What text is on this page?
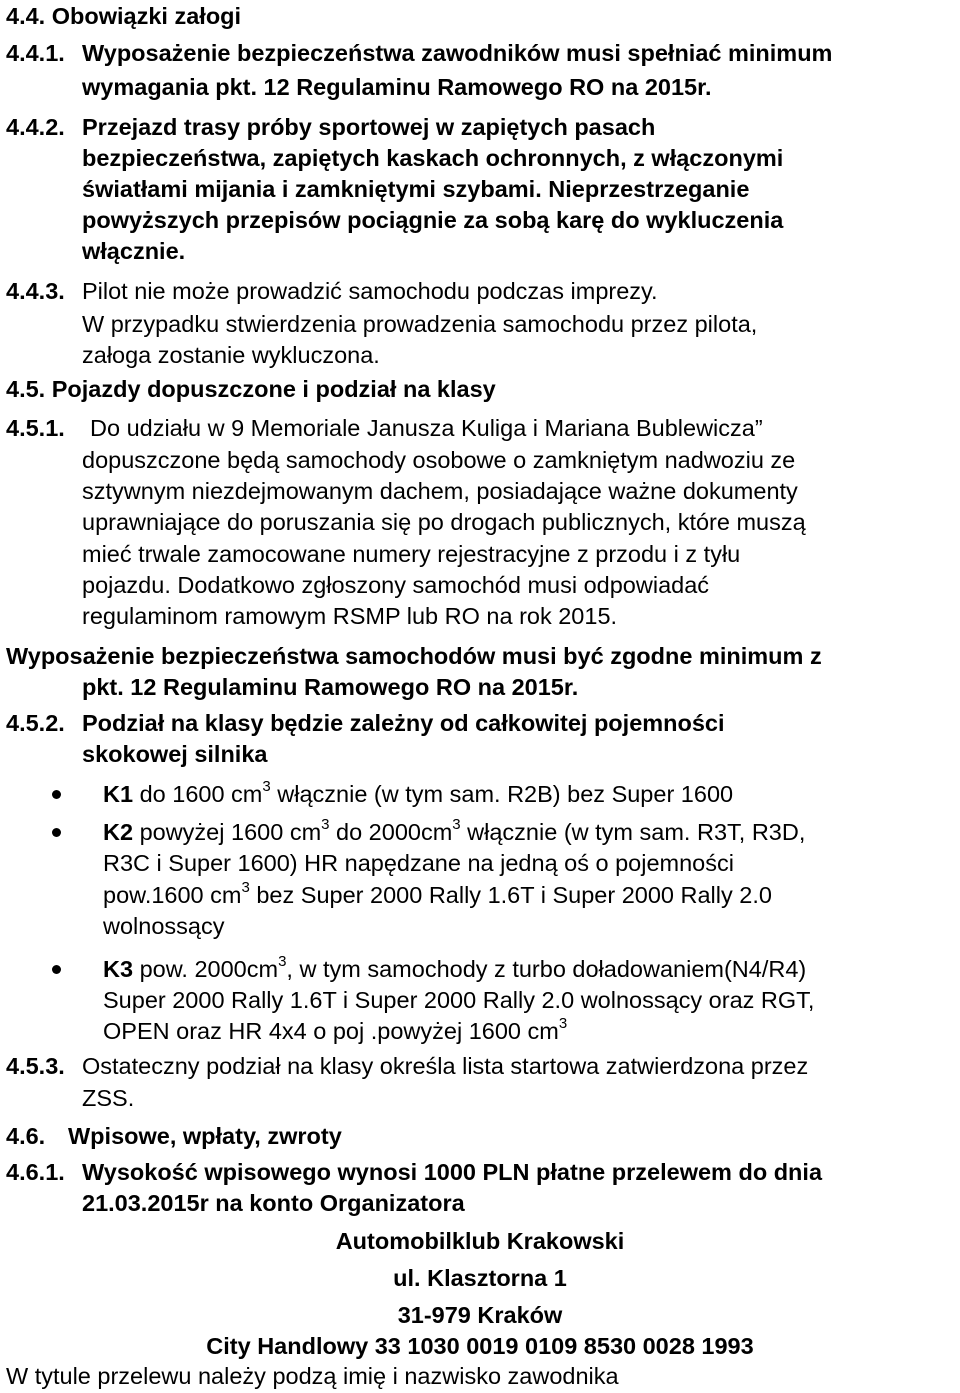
4.4. Obowiązki załogi
4.4.1. Wyposażenie bezpieczeństwa zawodników musi spełniać minimum
wymagania pkt. 12 Regulaminu Ramowego RO na 2015r.
4.4.2. Przejazd trasy próby sportowej w zapiętych pasach
bezpieczeństwa, zapiętych kaskach ochronnych, z włączonymi
światłami mijania i zamkniętymi szybami. Nieprzestrzeganie
powyższych przepisów pociągnie za sobą karę do wykluczenia
włącznie.
4.4.3. Pilot nie może prowadzić samochodu podczas imprezy.
W przypadku stwierdzenia prowadzenia samochodu przez pilota,
załoga zostanie wykluczona.
4.5. Pojazdy dopuszczone i podział na klasy
4.5.1. Do udziału w 9 Memoriale Janusza Kuliga i Mariana Bublewicza”
dopuszczone będą samochody osobowe o zamkniętym nadwoziu ze
sztywnym niezdejmowanym dachem, posiadające ważne dokumenty
uprawniające do poruszania się po drogach publicznych, które muszą
mieć trwale zamocowane numery rejestracyjne z przodu i z tyłu
pojazdu. Dodatkowo zgłoszony samochód musi odpowiadać
regulaminom ramowym RSMP lub RO na rok 2015.
Wyposażenie bezpieczeństwa samochodów musi być zgodne minimum z
pkt. 12 Regulaminu Ramowego RO na 2015r.
4.5.2. Podział na klasy będzie zależny od całkowitej pojemności
skokowej silnika
K1 do 1600 $cm^3$ włącznie (w tym sam. R2B) bez Super 1600
K2 powyżej 1600 $cm^3$ do $2000cm^3$ włącznie (w tym sam. R3T, R3D,
R3C i Super 1600) HR napędzane na jedną oś o pojemności
pow.1600 $cm^3$ bez Super 2000 Rally 1.6T i Super 2000 Rally 2.0
wolnossący
K3 pow. $2000cm^3$, w tym samochody z turbo doładowaniem(N4/R4)
Super 2000 Rally 1.6T i Super 2000 Rally 2.0 wolnossący oraz RGT,
OPEN oraz HR 4x4 o poj .powyżej 1600 $cm^3$
4.5.3. Ostateczny podział na klasy określa lista startowa zatwierdzona przez
ZSS.
4.6. Wpisowe, wpłaty, zwroty
4.6.1. Wysokość wpisowego wynosi 1000 PLN płatne przelewem do dnia
21.03.2015r na konto Organizatora
Automobilklub Krakowski
ul. Klasztorna 1
31-979 Kraków
City Handlowy 33 1030 0019 0109 8530 0028 1993
W tytule przelewu należy podzą imię i nazwisko zawodnika
